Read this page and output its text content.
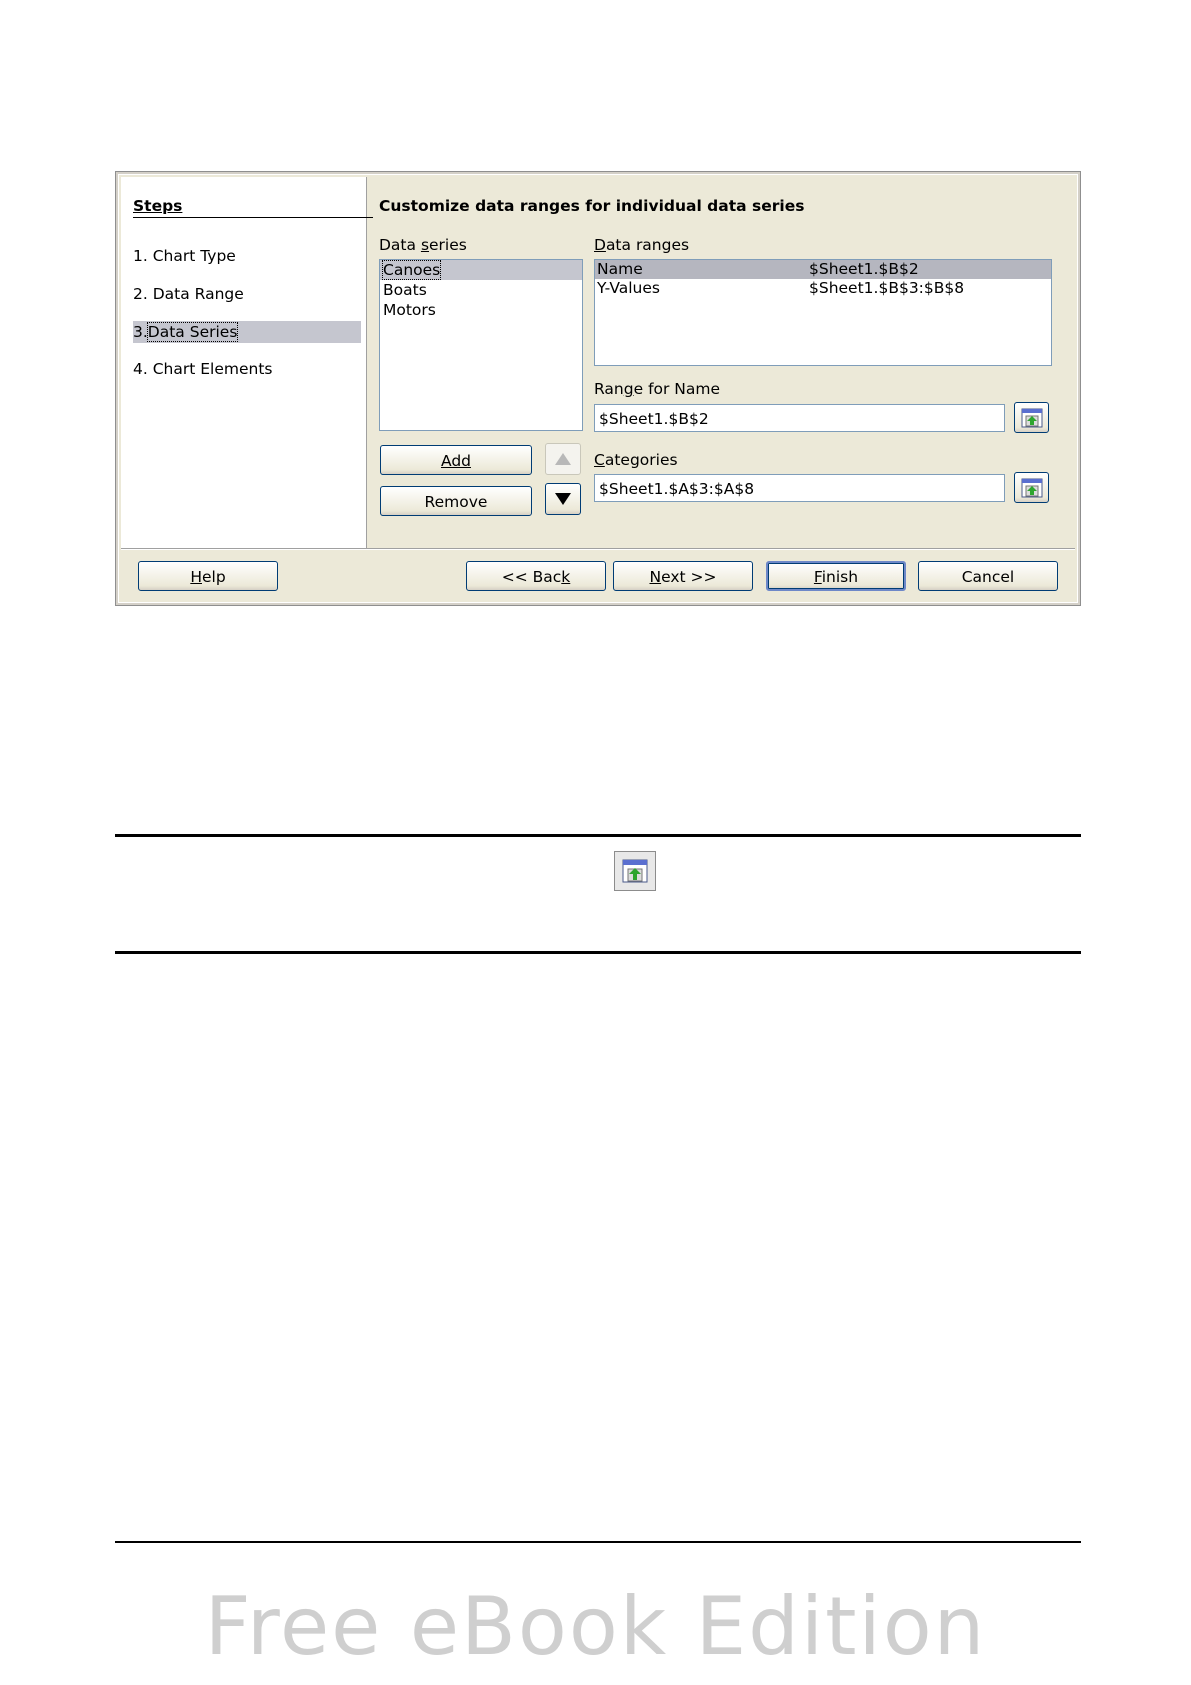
Steps
1. Chart Type
2. Data Range
3.Data Series
4. Chart Elements
Customize data ranges for individual data series
Data series
Canoes
Boats
Motors
Add
Remove
Data ranges
Name	$Sheet1.$B$2
Y-Values	$Sheet1.$B$3:$B$8
Range for Name
$Sheet1.$B$2
Categories
$Sheet1.$A$3:$A$8
Help	<< Back	Next >>	Finish	Cancel
Free eBook Edition
